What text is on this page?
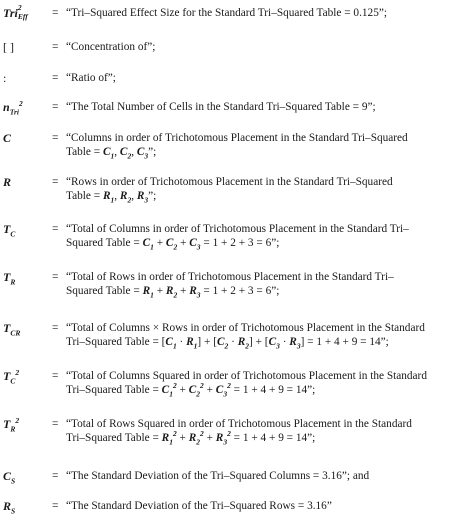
Tri 2
Eff = “Tri–Squared Effect Size for the Standard Tri–Squared Table = 0.125”;
[ ]	= “Concentration of”;
:	= “Ratio of”;
$n_{Tri}^2$	= “The Total Number of Cells in the Standard Tri–Squared Table = 9”;
C	= “Columns in order of Trichotomous Placement in the Standard Tri–Squared
Table = $C_1$, $C_2$, $C_3$”;
R	= “Rows in order of Trichotomous Placement in the Standard Tri–Squared
Table = $R_1$, $R_2$, $R_3$”;
$T_C$	= “Total of Columns in order of Trichotomous Placement in the Standard Tri–
Squared Table = $C_1 + C_2 + C_3 = 1 + 2 + 3 = 6$”;
$T_R$	= “Total of Rows in order of Trichotomous Placement in the Standard Tri–
Squared Table = $R_1 + R_2 + R_3 = 1 + 2 + 3 = 6$”;
$T_{CR}$	= “Total of Columns × Rows in order of Trichotomous Placement in the Standard
Tri–Squared Table = $[C_1 \cdot R_1] + [C_2 \cdot R_2] + [C_3 \cdot R_3] = 1 + 4 + 9 = 14$”;
$T_C^2$	= “Total of Columns Squared in order of Trichotomous Placement in the Standard
Tri–Squared Table = $C_1^2 + C_2^2 + C_3^2 = 1 + 4 + 9 = 14$”;
$T_R^2$	= “Total of Rows Squared in order of Trichotomous Placement in the Standard
Tri–Squared Table = $R_1^2 + R_2^2 + R_3^2 = 1 + 4 + 9 = 14$”;
$C_S$	= “The Standard Deviation of the Tri–Squared Columns = 3.16”; and
$R_S$	= “The Standard Deviation of the Tri–Squared Rows = 3.16”
